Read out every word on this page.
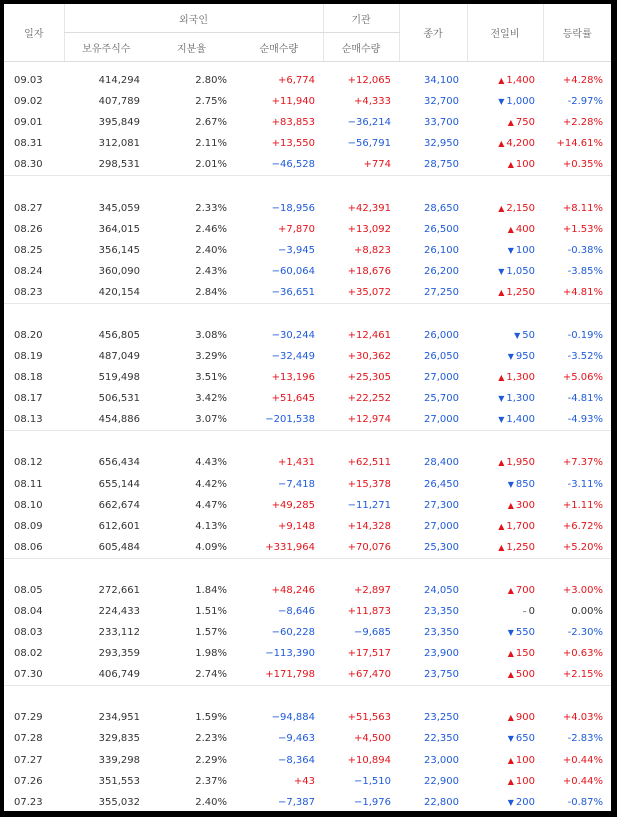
일자	외국인			기관	종가	전일비	등락률
	보유주식수	지분율	순매수량	순매수량			

09.03	414,294	2.80%	+6,774	+12,065	34,100	▲ 1,400	+4.28%
09.02	407,789	2.75%	+11,940	+4,333	32,700	▼ 1,000	-2.97%
09.01	395,849	2.67%	+83,853	−36,214	33,700	▲ 750	+2.28%
08.31	312,081	2.11%	+13,550	−56,791	32,950	▲ 4,200	+14.61%
08.30	298,531	2.01%	−46,528	+774	28,750	▲ 100	+0.35%

08.27	345,059	2.33%	−18,956	+42,391	28,650	▲ 2,150	+8.11%
08.26	364,015	2.46%	+7,870	+13,092	26,500	▲ 400	+1.53%
08.25	356,145	2.40%	−3,945	+8,823	26,100	▼ 100	-0.38%
08.24	360,090	2.43%	−60,064	+18,676	26,200	▼ 1,050	-3.85%
08.23	420,154	2.84%	−36,651	+35,072	27,250	▲ 1,250	+4.81%

08.20	456,805	3.08%	−30,244	+12,461	26,000	▼ 50	-0.19%
08.19	487,049	3.29%	−32,449	+30,362	26,050	▼ 950	-3.52%
08.18	519,498	3.51%	+13,196	+25,305	27,000	▲ 1,300	+5.06%
08.17	506,531	3.42%	+51,645	+22,252	25,700	▼ 1,300	-4.81%
08.13	454,886	3.07%	−201,538	+12,974	27,000	▼ 1,400	-4.93%

08.12	656,434	4.43%	+1,431	+62,511	28,400	▲ 1,950	+7.37%
08.11	655,144	4.42%	−7,418	+15,378	26,450	▼ 850	-3.11%
08.10	662,674	4.47%	+49,285	−11,271	27,300	▲ 300	+1.11%
08.09	612,601	4.13%	+9,148	+14,328	27,000	▲ 1,700	+6.72%
08.06	605,484	4.09%	+331,964	+70,076	25,300	▲ 1,250	+5.20%

08.05	272,661	1.84%	+48,246	+2,897	24,050	▲ 700	+3.00%
08.04	224,433	1.51%	−8,646	+11,873	23,350	– 0	0.00%
08.03	233,112	1.57%	−60,228	−9,685	23,350	▼ 550	-2.30%
08.02	293,359	1.98%	−113,390	+17,517	23,900	▲ 150	+0.63%
07.30	406,749	2.74%	+171,798	+67,470	23,750	▲ 500	+2.15%

07.29	234,951	1.59%	−94,884	+51,563	23,250	▲ 900	+4.03%
07.28	329,835	2.23%	−9,463	+4,500	22,350	▼ 650	-2.83%
07.27	339,298	2.29%	−8,364	+10,894	23,000	▲ 100	+0.44%
07.26	351,553	2.37%	+43	−1,510	22,900	▲ 100	+0.44%
07.23	355,032	2.40%	−7,387	−1,976	22,800	▼ 200	-0.87%
